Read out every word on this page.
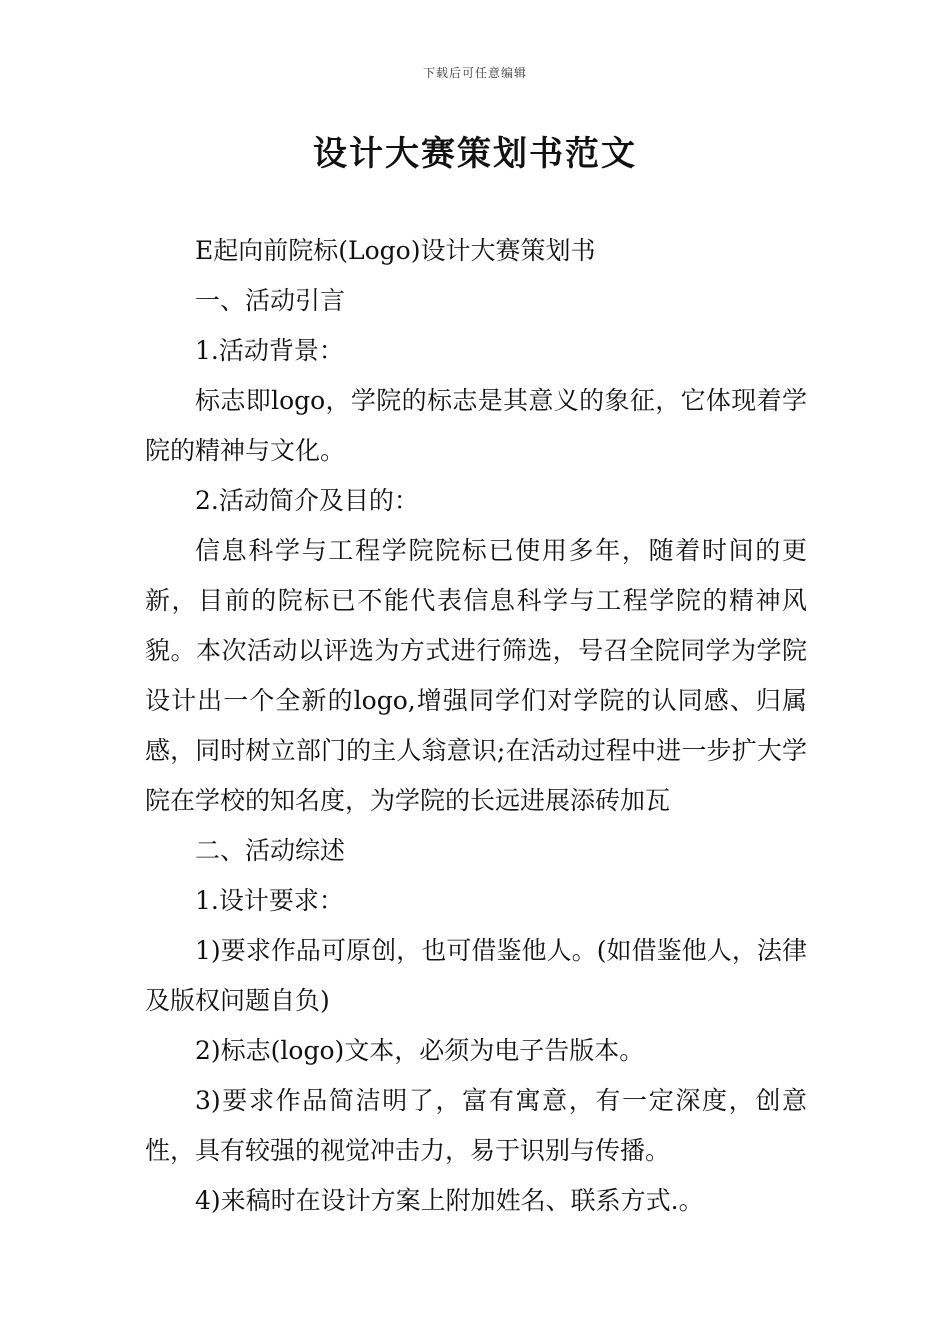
下载后可任意编辑
设计大赛策划书范文

E起向前院标(Logo)设计大赛策划书

一、活动引言

1.活动背景：

标志即logo，学院的标志是其意义的象征，它体现着学院的精神与文化。

2.活动简介及目的：

信息科学与工程学院院标已使用多年，随着时间的更新，目前的院标已不能代表信息科学与工程学院的精神风貌。本次活动以评选为方式进行筛选，号召全院同学为学院设计出一个全新的logo,增强同学们对学院的认同感、归属感，同时树立部门的主人翁意识;在活动过程中进一步扩大学院在学校的知名度，为学院的长远进展添砖加瓦

二、活动综述

1.设计要求：

1)要求作品可原创，也可借鉴他人。(如借鉴他人，法律及版权问题自负)

2)标志(logo)文本，必须为电子告版本。

3)要求作品简洁明了，富有寓意，有一定深度，创意性，具有较强的视觉冲击力，易于识别与传播。

4)来稿时在设计方案上附加姓名、联系方式.。
